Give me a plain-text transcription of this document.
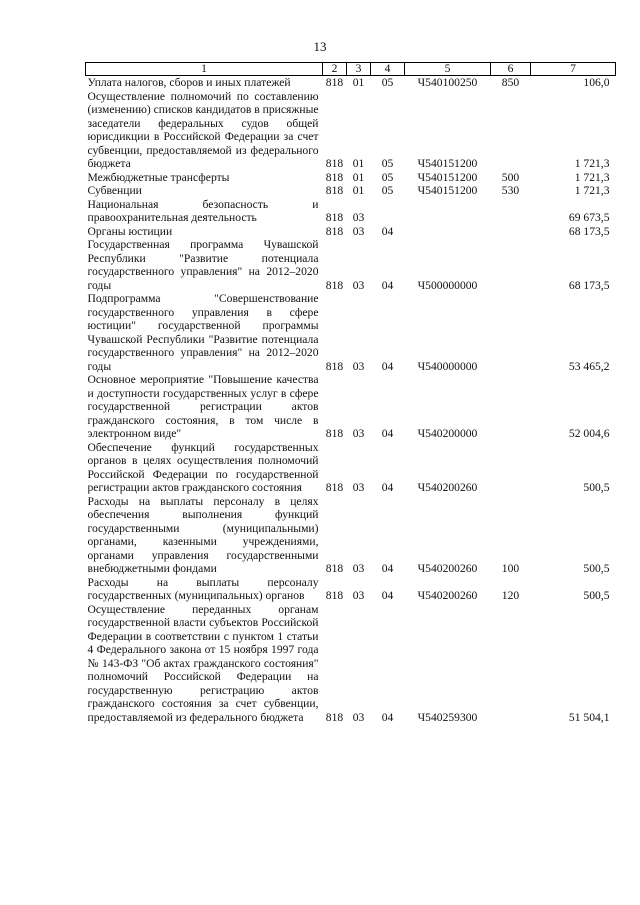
13
1	2	3	4	5	6	7
Уплата налогов, сборов и иных платежей	818	01	05	Ч540100250	850	106,0
Осуществление полномочий по составлению (изменению) списков кандидатов в присяжные заседатели федеральных судов общей юрисдикции в Российской Федерации за счет субвенции, предоставляемой из федерального бюджета	818	01	05	Ч540151200		1 721,3
Межбюджетные трансферты	818	01	05	Ч540151200	500	1 721,3
Субвенции	818	01	05	Ч540151200	530	1 721,3
Национальная безопасность и правоохранительная деятельность	818	03				69 673,5
Органы юстиции	818	03	04			68 173,5
Государственная программа Чувашской Республики "Развитие потенциала государственного управления" на 2012–2020 годы	818	03	04	Ч500000000		68 173,5
Подпрограмма "Совершенствование государственного управления в сфере юстиции" государственной программы Чувашской Республики "Развитие потенциала государственного управления" на 2012–2020 годы	818	03	04	Ч540000000		53 465,2
Основное мероприятие "Повышение качества и доступности государственных услуг в сфере государственной регистрации актов гражданского состояния, в том числе в электронном виде"	818	03	04	Ч540200000		52 004,6
Обеспечение функций государственных органов в целях осуществления полномочий Российской Федерации по государственной регистрации актов гражданского состояния	818	03	04	Ч540200260		500,5
Расходы на выплаты персоналу в целях обеспечения выполнения функций государственными (муниципальными) органами, казенными учреждениями, органами управления государственными внебюджетными фондами	818	03	04	Ч540200260	100	500,5
Расходы на выплаты персоналу государственных (муниципальных) органов	818	03	04	Ч540200260	120	500,5
Осуществление переданных органам государственной власти субъектов Российской Федерации в соответствии с пунктом 1 статьи 4 Федерального закона от 15 ноября 1997 года № 143-ФЗ "Об актах гражданского состояния" полномочий Российской Федерации на государственную регистрацию актов гражданского состояния за счет субвенции, предоставляемой из федерального бюджета	818	03	04	Ч540259300		51 504,1
